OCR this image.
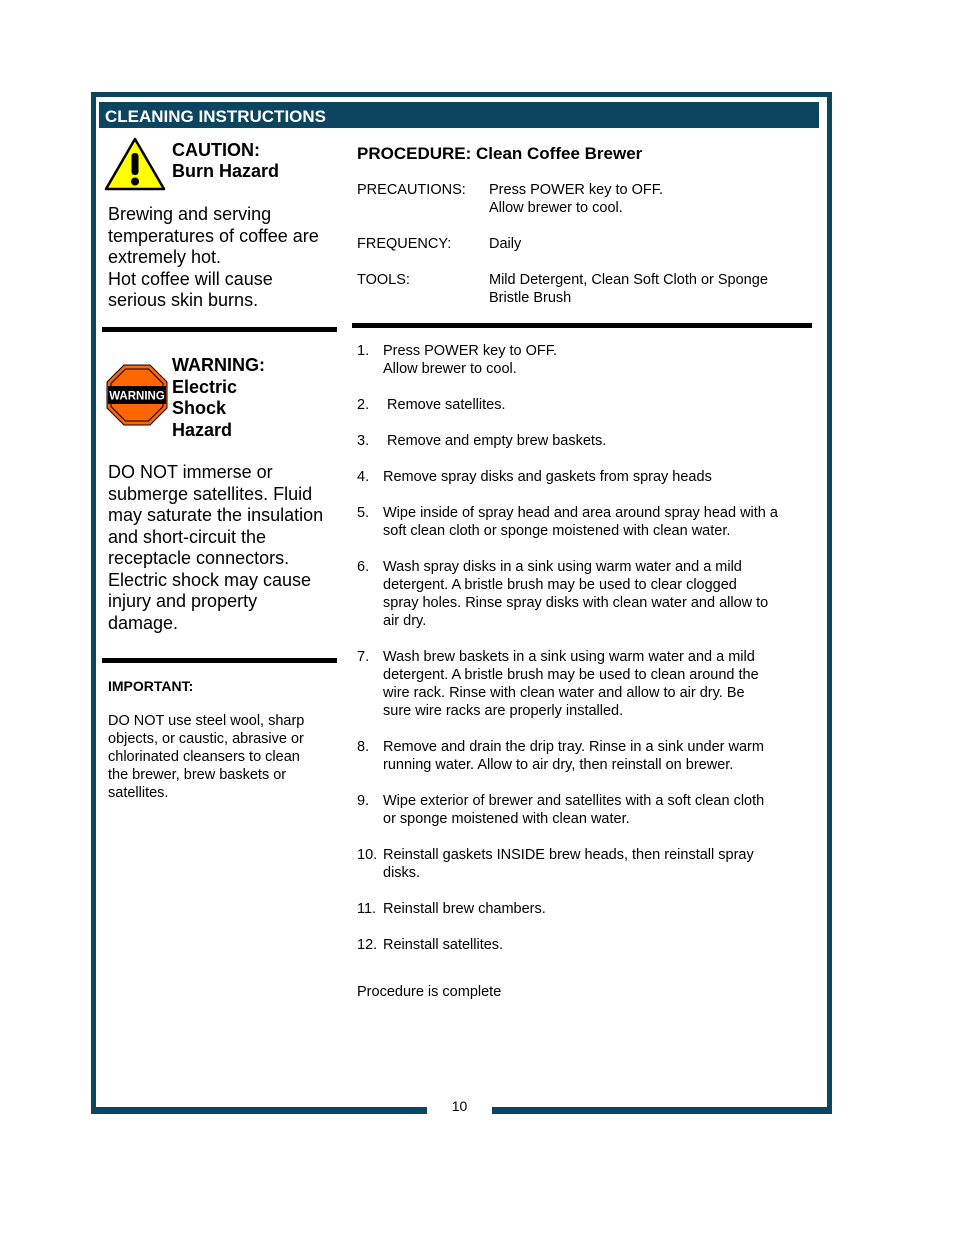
10
CLEANING INSTRUCTIONS
CAUTION:
Burn Hazard
Brewing and serving
temperatures of coffee are
extremely hot.
Hot coffee will cause
serious skin burns.
WARNING
WARNING:
Electric
Shock
Hazard
DO NOT immerse or
submerge satellites. Fluid
may saturate the insulation
and short-circuit the
receptacle connectors.
Electric shock may cause
injury and property
damage.
IMPORTANT:
DO NOT use steel wool, sharp
objects, or caustic, abrasive or
chlorinated cleansers to clean
the brewer, brew baskets or
satellites.
PROCEDURE: Clean Coffee Brewer
PRECAUTIONS: Press POWER key to OFF.
Allow brewer to cool.
FREQUENCY:	Daily
TOOLS:	Mild Detergent, Clean Soft Cloth or Sponge
Bristle Brush
1. Press POWER key to OFF.
Allow brewer to cool.
2. Remove satellites.
3. Remove and empty brew baskets.
4. Remove spray disks and gaskets from spray heads
5. Wipe inside of spray head and area around spray head with a
soft clean cloth or sponge moistened with clean water.
6. Wash spray disks in a sink using warm water and a mild
detergent. A bristle brush may be used to clear clogged
spray holes. Rinse spray disks with clean water and allow to
air dry.
7. Wash brew baskets in a sink using warm water and a mild
detergent. A bristle brush may be used to clean around the
wire rack. Rinse with clean water and allow to air dry. Be
sure wire racks are properly installed.
8. Remove and drain the drip tray. Rinse in a sink under warm
running water. Allow to air dry, then reinstall on brewer.
9. Wipe exterior of brewer and satellites with a soft clean cloth
or sponge moistened with clean water.
10. Reinstall gaskets INSIDE brew heads, then reinstall spray
disks.
11. Reinstall brew chambers.
12. Reinstall satellites.
Procedure is complete
